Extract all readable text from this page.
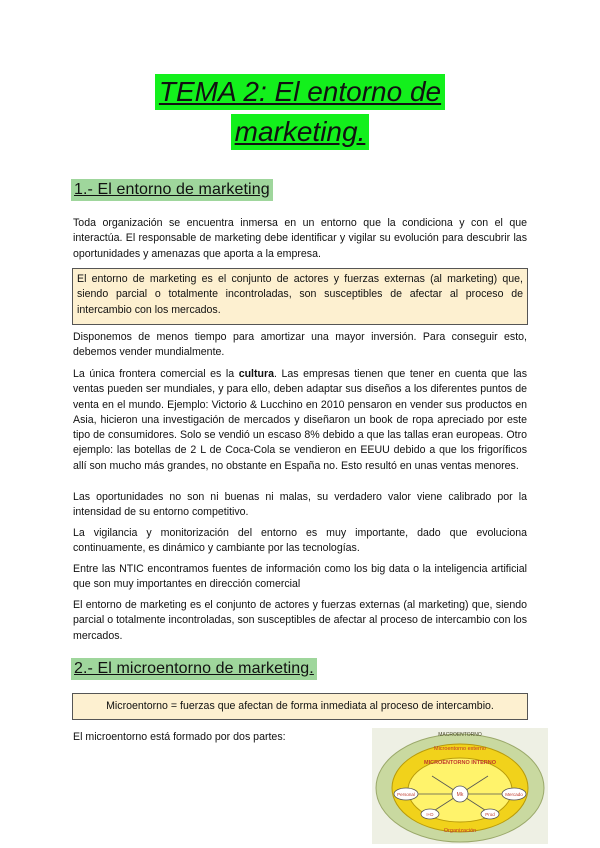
TEMA 2: El entorno de
marketing.
1.- El entorno de marketing

Toda organización se encuentra inmersa en un entorno que la condiciona y con el que interactúa. El responsable de marketing debe identificar y vigilar su evolución para descubrir las oportunidades y amenazas que aporta a la empresa.

El entorno de marketing es el conjunto de actores y fuerzas externas (al marketing) que, siendo parcial o totalmente incontroladas, son susceptibles de afectar al proceso de intercambio con los mercados.

Disponemos de menos tiempo para amortizar una mayor inversión. Para conseguir esto, debemos vender mundialmente.

La única frontera comercial es la cultura. Las empresas tienen que tener en cuenta que las ventas pueden ser mundiales, y para ello, deben adaptar sus diseños a los diferentes puntos de venta en el mundo. Ejemplo: Victorio & Lucchino en 2010 pensaron en vender sus productos en Asia, hicieron una investigación de mercados y diseñaron un book de ropa apreciado por este tipo de consumidores. Solo se vendió un escaso 8% debido a que las tallas eran europeas. Otro ejemplo: las botellas de 2 L de Coca-Cola se vendieron en EEUU debido a que los frigoríficos allí son mucho más grandes, no obstante en España no. Esto resultó en unas ventas menores.

Las oportunidades no son ni buenas ni malas, su verdadero valor viene calibrado por la intensidad de su entorno competitivo.

La vigilancia y monitorización del entorno es muy importante, dado que evoluciona continuamente, es dinámico y cambiante por las tecnologías.

Entre las NTIC encontramos fuentes de información como los big data o la inteligencia artificial que son muy importantes en dirección comercial

El entorno de marketing es el conjunto de actores y fuerzas externas (al marketing) que, siendo parcial o totalmente incontroladas, son susceptibles de afectar al proceso de intercambio con los mercados.

2.- El microentorno de marketing.
Microentorno = fuerzas que afectan de forma inmediata al proceso de intercambio.

El microentorno está formado por dos partes:	MACROENTORNO
Microentorno externo
MICROENTORNO INTERNO
Mk
Personal	Mercado
I+D	Prod
Organización
